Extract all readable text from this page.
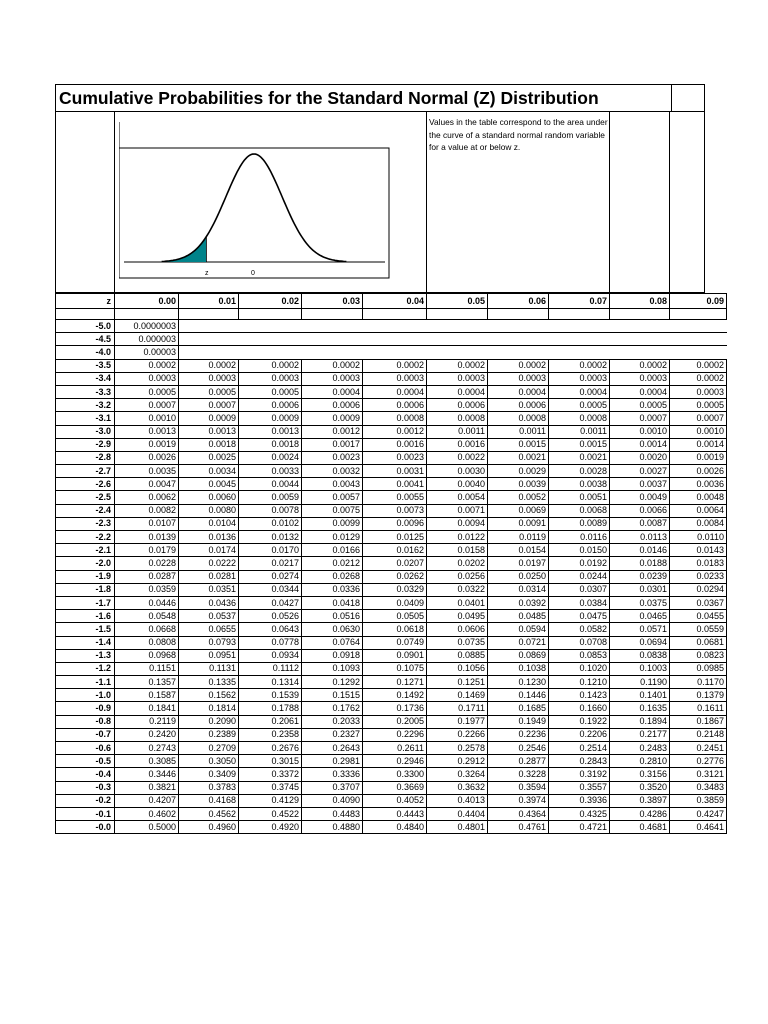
Cumulative Probabilities for the Standard Normal (Z) Distribution
z	0
Values in the table correspond to the area under the curve of a standard normal random variable for a value at or below z.
z	0.00	0.01	0.02	0.03	0.04	0.05	0.06	0.07	0.08	0.09

-5.0	0.0000003									
-4.5	0.000003									
-4.0	0.00003									
-3.5	0.0002	0.0002	0.0002	0.0002	0.0002	0.0002	0.0002	0.0002	0.0002	0.0002
-3.4	0.0003	0.0003	0.0003	0.0003	0.0003	0.0003	0.0003	0.0003	0.0003	0.0002
-3.3	0.0005	0.0005	0.0005	0.0004	0.0004	0.0004	0.0004	0.0004	0.0004	0.0003
-3.2	0.0007	0.0007	0.0006	0.0006	0.0006	0.0006	0.0006	0.0005	0.0005	0.0005
-3.1	0.0010	0.0009	0.0009	0.0009	0.0008	0.0008	0.0008	0.0008	0.0007	0.0007
-3.0	0.0013	0.0013	0.0013	0.0012	0.0012	0.0011	0.0011	0.0011	0.0010	0.0010
-2.9	0.0019	0.0018	0.0018	0.0017	0.0016	0.0016	0.0015	0.0015	0.0014	0.0014
-2.8	0.0026	0.0025	0.0024	0.0023	0.0023	0.0022	0.0021	0.0021	0.0020	0.0019
-2.7	0.0035	0.0034	0.0033	0.0032	0.0031	0.0030	0.0029	0.0028	0.0027	0.0026
-2.6	0.0047	0.0045	0.0044	0.0043	0.0041	0.0040	0.0039	0.0038	0.0037	0.0036
-2.5	0.0062	0.0060	0.0059	0.0057	0.0055	0.0054	0.0052	0.0051	0.0049	0.0048
-2.4	0.0082	0.0080	0.0078	0.0075	0.0073	0.0071	0.0069	0.0068	0.0066	0.0064
-2.3	0.0107	0.0104	0.0102	0.0099	0.0096	0.0094	0.0091	0.0089	0.0087	0.0084
-2.2	0.0139	0.0136	0.0132	0.0129	0.0125	0.0122	0.0119	0.0116	0.0113	0.0110
-2.1	0.0179	0.0174	0.0170	0.0166	0.0162	0.0158	0.0154	0.0150	0.0146	0.0143
-2.0	0.0228	0.0222	0.0217	0.0212	0.0207	0.0202	0.0197	0.0192	0.0188	0.0183
-1.9	0.0287	0.0281	0.0274	0.0268	0.0262	0.0256	0.0250	0.0244	0.0239	0.0233
-1.8	0.0359	0.0351	0.0344	0.0336	0.0329	0.0322	0.0314	0.0307	0.0301	0.0294
-1.7	0.0446	0.0436	0.0427	0.0418	0.0409	0.0401	0.0392	0.0384	0.0375	0.0367
-1.6	0.0548	0.0537	0.0526	0.0516	0.0505	0.0495	0.0485	0.0475	0.0465	0.0455
-1.5	0.0668	0.0655	0.0643	0.0630	0.0618	0.0606	0.0594	0.0582	0.0571	0.0559
-1.4	0.0808	0.0793	0.0778	0.0764	0.0749	0.0735	0.0721	0.0708	0.0694	0.0681
-1.3	0.0968	0.0951	0.0934	0.0918	0.0901	0.0885	0.0869	0.0853	0.0838	0.0823
-1.2	0.1151	0.1131	0.1112	0.1093	0.1075	0.1056	0.1038	0.1020	0.1003	0.0985
-1.1	0.1357	0.1335	0.1314	0.1292	0.1271	0.1251	0.1230	0.1210	0.1190	0.1170
-1.0	0.1587	0.1562	0.1539	0.1515	0.1492	0.1469	0.1446	0.1423	0.1401	0.1379
-0.9	0.1841	0.1814	0.1788	0.1762	0.1736	0.1711	0.1685	0.1660	0.1635	0.1611
-0.8	0.2119	0.2090	0.2061	0.2033	0.2005	0.1977	0.1949	0.1922	0.1894	0.1867
-0.7	0.2420	0.2389	0.2358	0.2327	0.2296	0.2266	0.2236	0.2206	0.2177	0.2148
-0.6	0.2743	0.2709	0.2676	0.2643	0.2611	0.2578	0.2546	0.2514	0.2483	0.2451
-0.5	0.3085	0.3050	0.3015	0.2981	0.2946	0.2912	0.2877	0.2843	0.2810	0.2776
-0.4	0.3446	0.3409	0.3372	0.3336	0.3300	0.3264	0.3228	0.3192	0.3156	0.3121
-0.3	0.3821	0.3783	0.3745	0.3707	0.3669	0.3632	0.3594	0.3557	0.3520	0.3483
-0.2	0.4207	0.4168	0.4129	0.4090	0.4052	0.4013	0.3974	0.3936	0.3897	0.3859
-0.1	0.4602	0.4562	0.4522	0.4483	0.4443	0.4404	0.4364	0.4325	0.4286	0.4247
-0.0	0.5000	0.4960	0.4920	0.4880	0.4840	0.4801	0.4761	0.4721	0.4681	0.4641
